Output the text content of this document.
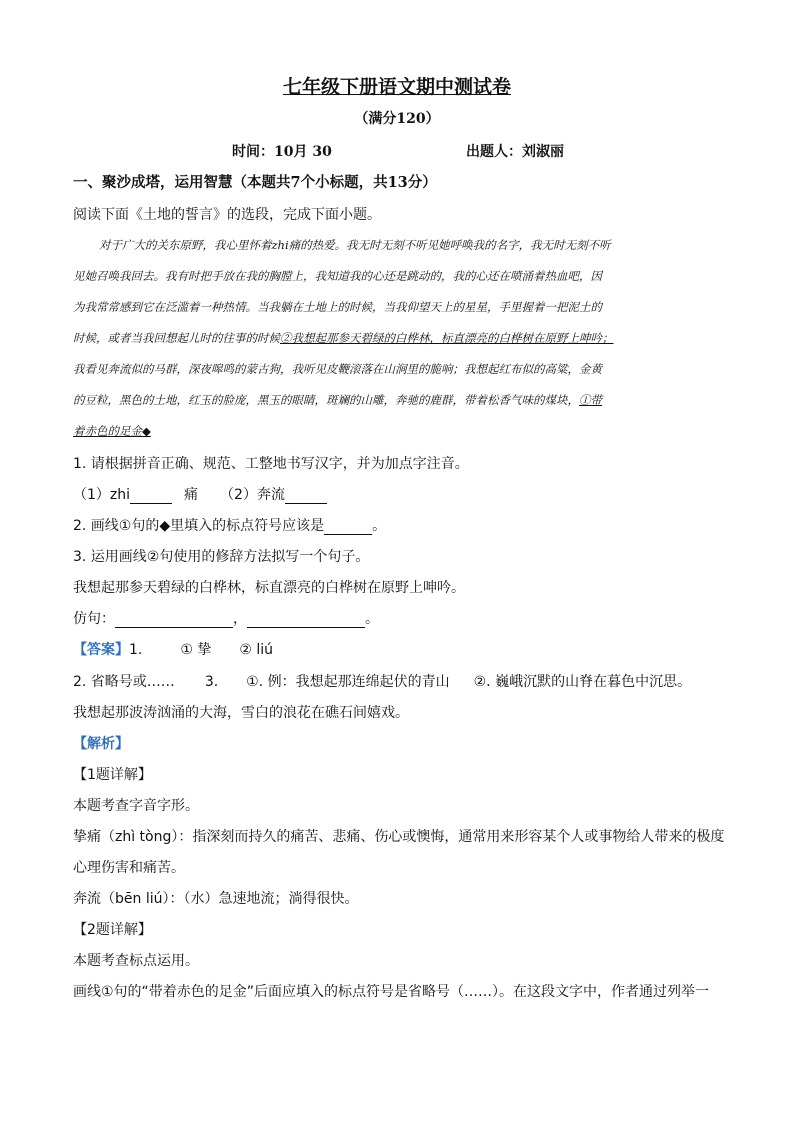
七年级下册语文期中测试卷
（满分120）
时间：10月 30	出题人：刘淑丽
一、聚沙成塔，运用智慧（本题共7个小标题，共13分）
阅读下面《土地的誓言》的选段，完成下面小题。
对于广大的关东原野，我心里怀着zhi痛的热爱。我无时无刻不听见她呼唤我的名字，我无时无刻不听
见她召唤我回去。我有时把手放在我的胸膛上，我知道我的心还是跳动的，我的心还在喷涌着热血吧，因
为我常常感到它在泛滥着一种热情。当我躺在土地上的时候，当我仰望天上的星星，手里握着一把泥土的
时候，或者当我回想起儿时的往事的时候②我想起那参天碧绿的白桦林，标直漂亮的白桦树在原野上呻吟；
我看见奔流似的马群，深夜嗥鸣的蒙古狗，我听见皮鞭滚落在山涧里的脆响；我想起红布似的高粱，金黄
的豆粒，黑色的土地，红玉的脸庞，黑玉的眼睛，斑斓的山雕，奔驰的鹿群，带着松香气味的煤块，①带
着赤色的足金◆
1. 请根据拼音正确、规范、工整地书写汉字，并为加点字注音。
（1）zhi	痛 （2）奔流
2. 画线①句的◆里填入的标点符号应该是	。
3. 运用画线②句使用的修辞方法拟写一个句子。
我想起那参天碧绿的白桦林，标直漂亮的白桦树在原野上呻吟。
仿句：	，	。
【答案】1.	① 挚 ② liú
2. 省略号或…… 3. ①. 例：我想起那连绵起伏的青山 ②. 巍峨沉默的山脊在暮色中沉思。
我想起那波涛汹涌的大海，雪白的浪花在礁石间嬉戏。
【解析】
【1题详解】
本题考查字音字形。
挚痛（zhì tòng）：指深刻而持久的痛苦、悲痛、伤心或懊悔，通常用来形容某个人或事物给人带来的极度
心理伤害和痛苦。
奔流（bēn liú）：（水）急速地流；淌得很快。
【2题详解】
本题考查标点运用。
画线①句的“带着赤色的足金”后面应填入的标点符号是省略号（……）。在这段文字中，作者通过列举一
